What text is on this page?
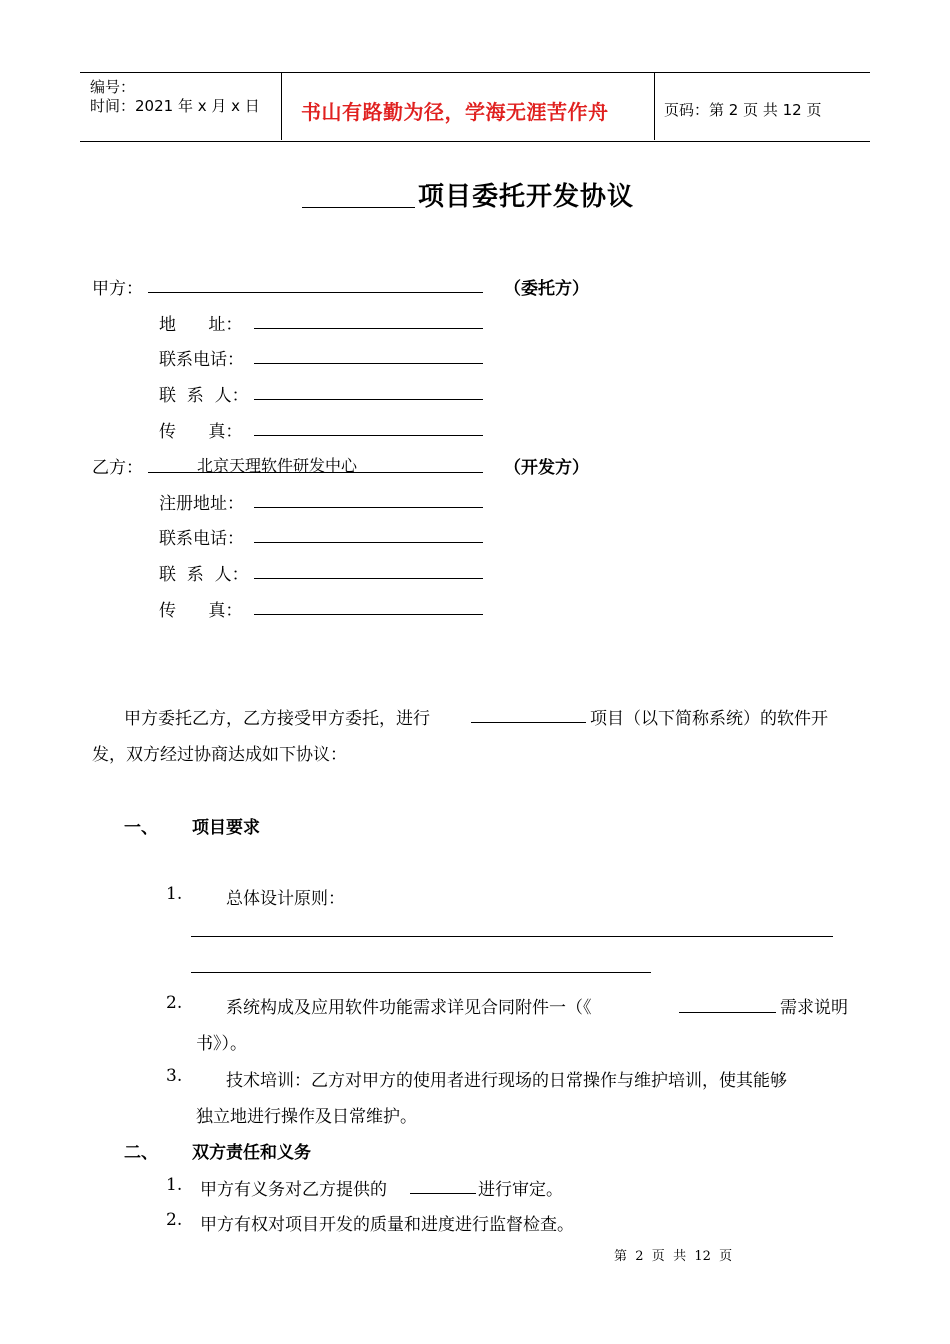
编号：
时间：2021 年 x 月 x 日 书山有路勤为径，学海无涯苦作舟	页码：第 2 页 共 12 页
项目委托开发协议
甲方：	（委托方）
地      址：
联系电话：
联  系  人：
传      真：
乙方：	北京天理软件研发中心	（开发方）
注册地址：
联系电话：
联  系  人：
传      真：
甲方委托乙方，乙方接受甲方委托，进行	项目（以下简称系统）的软件开
发，双方经过协商达成如下协议：
一、 项目要求
1.	总体设计原则：
2.	系统构成及应用软件功能需求详见合同附件一（《	需求说明
书》）。
3.	技术培训：乙方对甲方的使用者进行现场的日常操作与维护培训，使其能够
独立地进行操作及日常维护。
二、 双方责任和义务
1. 甲方有义务对乙方提供的	进行审定。
2. 甲方有权对项目开发的质量和进度进行监督检查。
第  2  页  共  12  页
